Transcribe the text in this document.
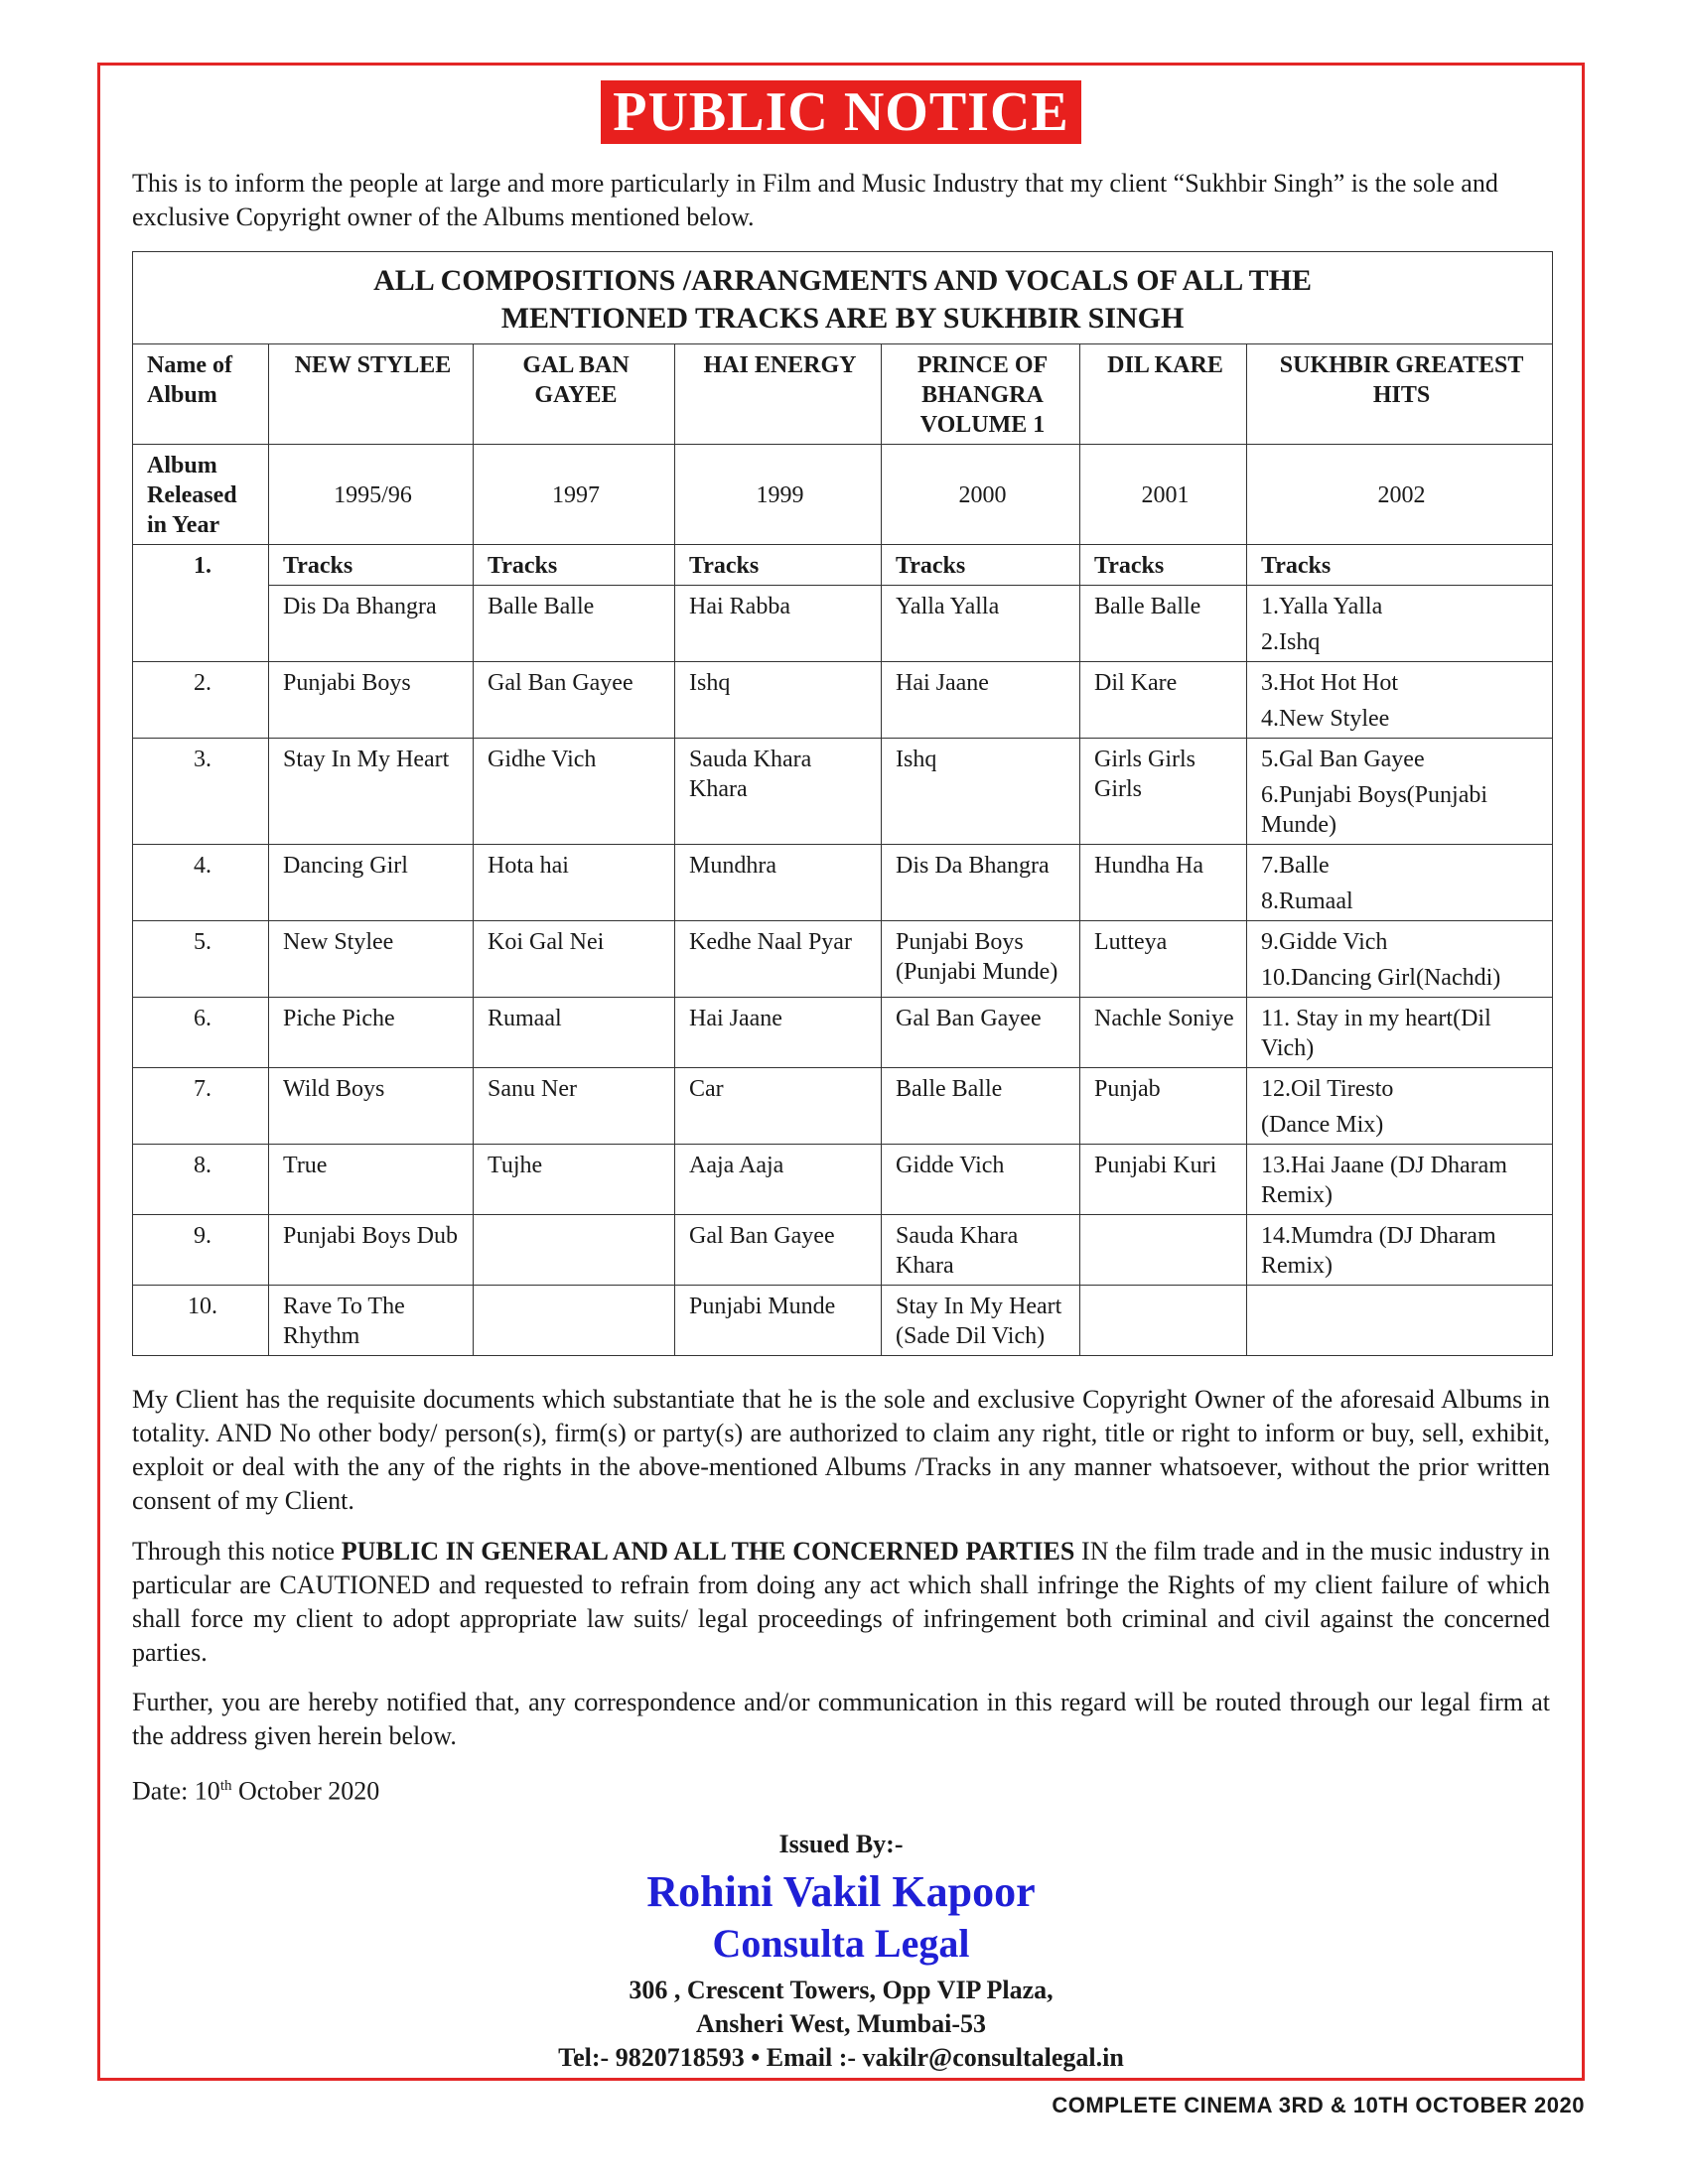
PUBLIC NOTICE

This is to inform the people at large and more particularly in Film and Music Industry that my client “Sukhbir Singh” is the sole and exclusive Copyright owner of the Albums mentioned below.

ALL COMPOSITIONS /ARRANGMENTS AND VOCALS OF ALL THE
MENTIONED TRACKS ARE BY SUKHBIR SINGH						

Name of Album	NEW STYLEE	GAL BAN GAYEE	HAI ENERGY	PRINCE OF BHANGRA VOLUME 1	DIL KARE	SUKHBIR GREATEST HITS
Album Released in Year	1995/96	1997	1999	2000	2001	2002
1.	Tracks	Tracks	Tracks	Tracks	Tracks	Tracks
	Dis Da Bhangra	Balle Balle	Hai Rabba	Yalla Yalla	Balle Balle	1.Yalla Yalla
2.Ishq

2.	Punjabi Boys	Gal Ban Gayee	Ishq	Hai Jaane	Dil Kare	3.Hot Hot Hot
4.New Stylee

3.	Stay In My Heart	Gidhe Vich	Sauda Khara Khara	Ishq	Girls Girls Girls	5.Gal Ban Gayee
6.Punjabi Boys(Punjabi Munde)

4.	Dancing Girl	Hota hai	Mundhra	Dis Da Bhangra	Hundha Ha	7.Balle
8.Rumaal

5.	New Stylee	Koi Gal Nei	Kedhe Naal Pyar	Punjabi Boys (Punjabi Munde)	Lutteya	9.Gidde Vich
10.Dancing Girl(Nachdi)

6.	Piche Piche	Rumaal	Hai Jaane	Gal Ban Gayee	Nachle Soniye	11. Stay in my heart(Dil Vich)

7.	Wild Boys	Sanu Ner	Car	Balle Balle	Punjab	12.Oil Tiresto
(Dance Mix)

8.	True	Tujhe	Aaja Aaja	Gidde Vich	Punjabi Kuri	13.Hai Jaane (DJ Dharam Remix)

9.	Punjabi Boys Dub		Gal Ban Gayee	Sauda Khara Khara		14.Mumdra (DJ Dharam Remix)

10.	Rave To The Rhythm		Punjabi Munde	Stay In My Heart (Sade Dil Vich)		

My Client has the requisite documents which substantiate that he is the sole and exclusive Copyright Owner of the aforesaid Albums in totality. AND No other body/ person(s), firm(s) or party(s) are authorized to claim any right, title or right to inform or buy, sell, exhibit, exploit or deal with the any of the rights in the above-mentioned Albums /Tracks in any manner whatsoever, without the prior written consent of my Client.

Through this notice PUBLIC IN GENERAL AND ALL THE CONCERNED PARTIES IN the film trade and in the music industry in particular are CAUTIONED and requested to refrain from doing any act which shall infringe the Rights of my client failure of which shall force my client to adopt appropriate law suits/ legal proceedings of infringement both criminal and civil against the concerned parties.

Further, you are hereby notified that, any correspondence and/or communication in this regard will be routed through our legal firm at the address given herein below.

Date: 10th October 2020
Issued By:-
Rohini Vakil Kapoor
Consulta Legal
306 , Crescent Towers, Opp VIP Plaza,
Ansheri West, Mumbai-53
Tel:- 9820718593 • Email :- vakilr@consultalegal.in
COMPLETE CINEMA 3RD & 10TH OCTOBER 2020
